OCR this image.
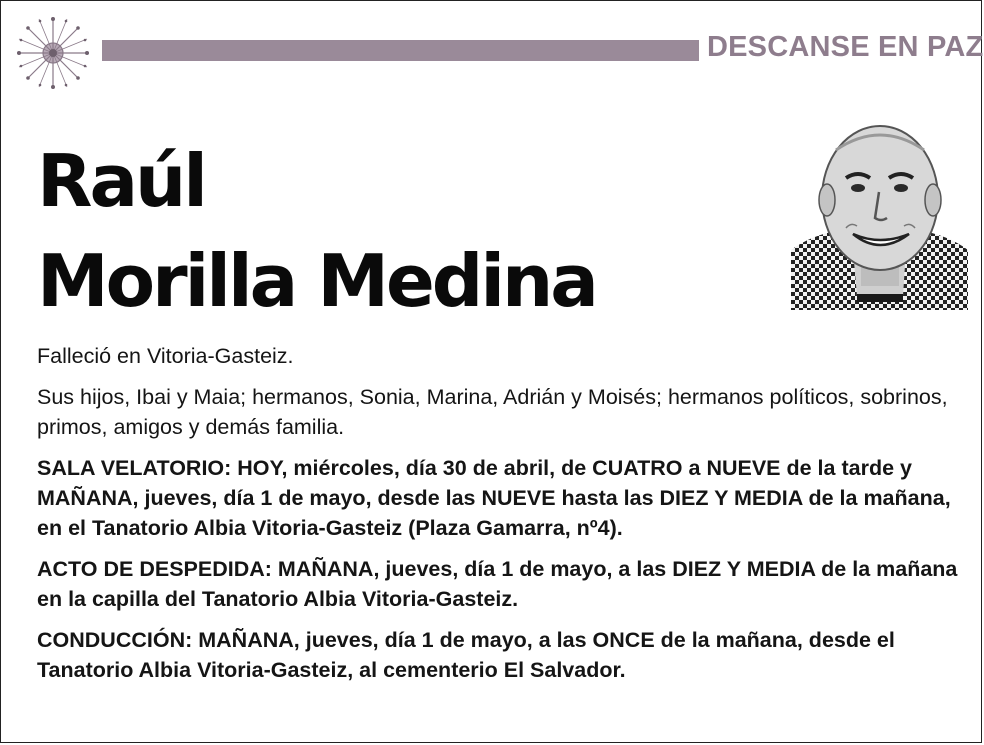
DESCANSE EN PAZ
Raúl
Morilla Medina

Falleció en Vitoria-Gasteiz.

Sus hijos, Ibai y Maia; hermanos, Sonia, Marina, Adrián y Moisés; hermanos políticos, sobrinos, primos, amigos y demás familia.

SALA VELATORIO: HOY, miércoles, día 30 de abril, de CUATRO a NUEVE de la tarde y MAÑANA, jueves, día 1 de mayo, desde las NUEVE hasta las DIEZ Y MEDIA de la mañana, en el Tanatorio Albia Vitoria-Gasteiz (Plaza Gamarra, nº4).

ACTO DE DESPEDIDA: MAÑANA, jueves, día 1 de mayo, a las DIEZ Y MEDIA de la mañana en la capilla del Tanatorio Albia Vitoria-Gasteiz.

CONDUCCIÓN: MAÑANA, jueves, día 1 de mayo, a las ONCE de la mañana, desde el Tanatorio Albia Vitoria-Gasteiz, al cementerio El Salvador.
